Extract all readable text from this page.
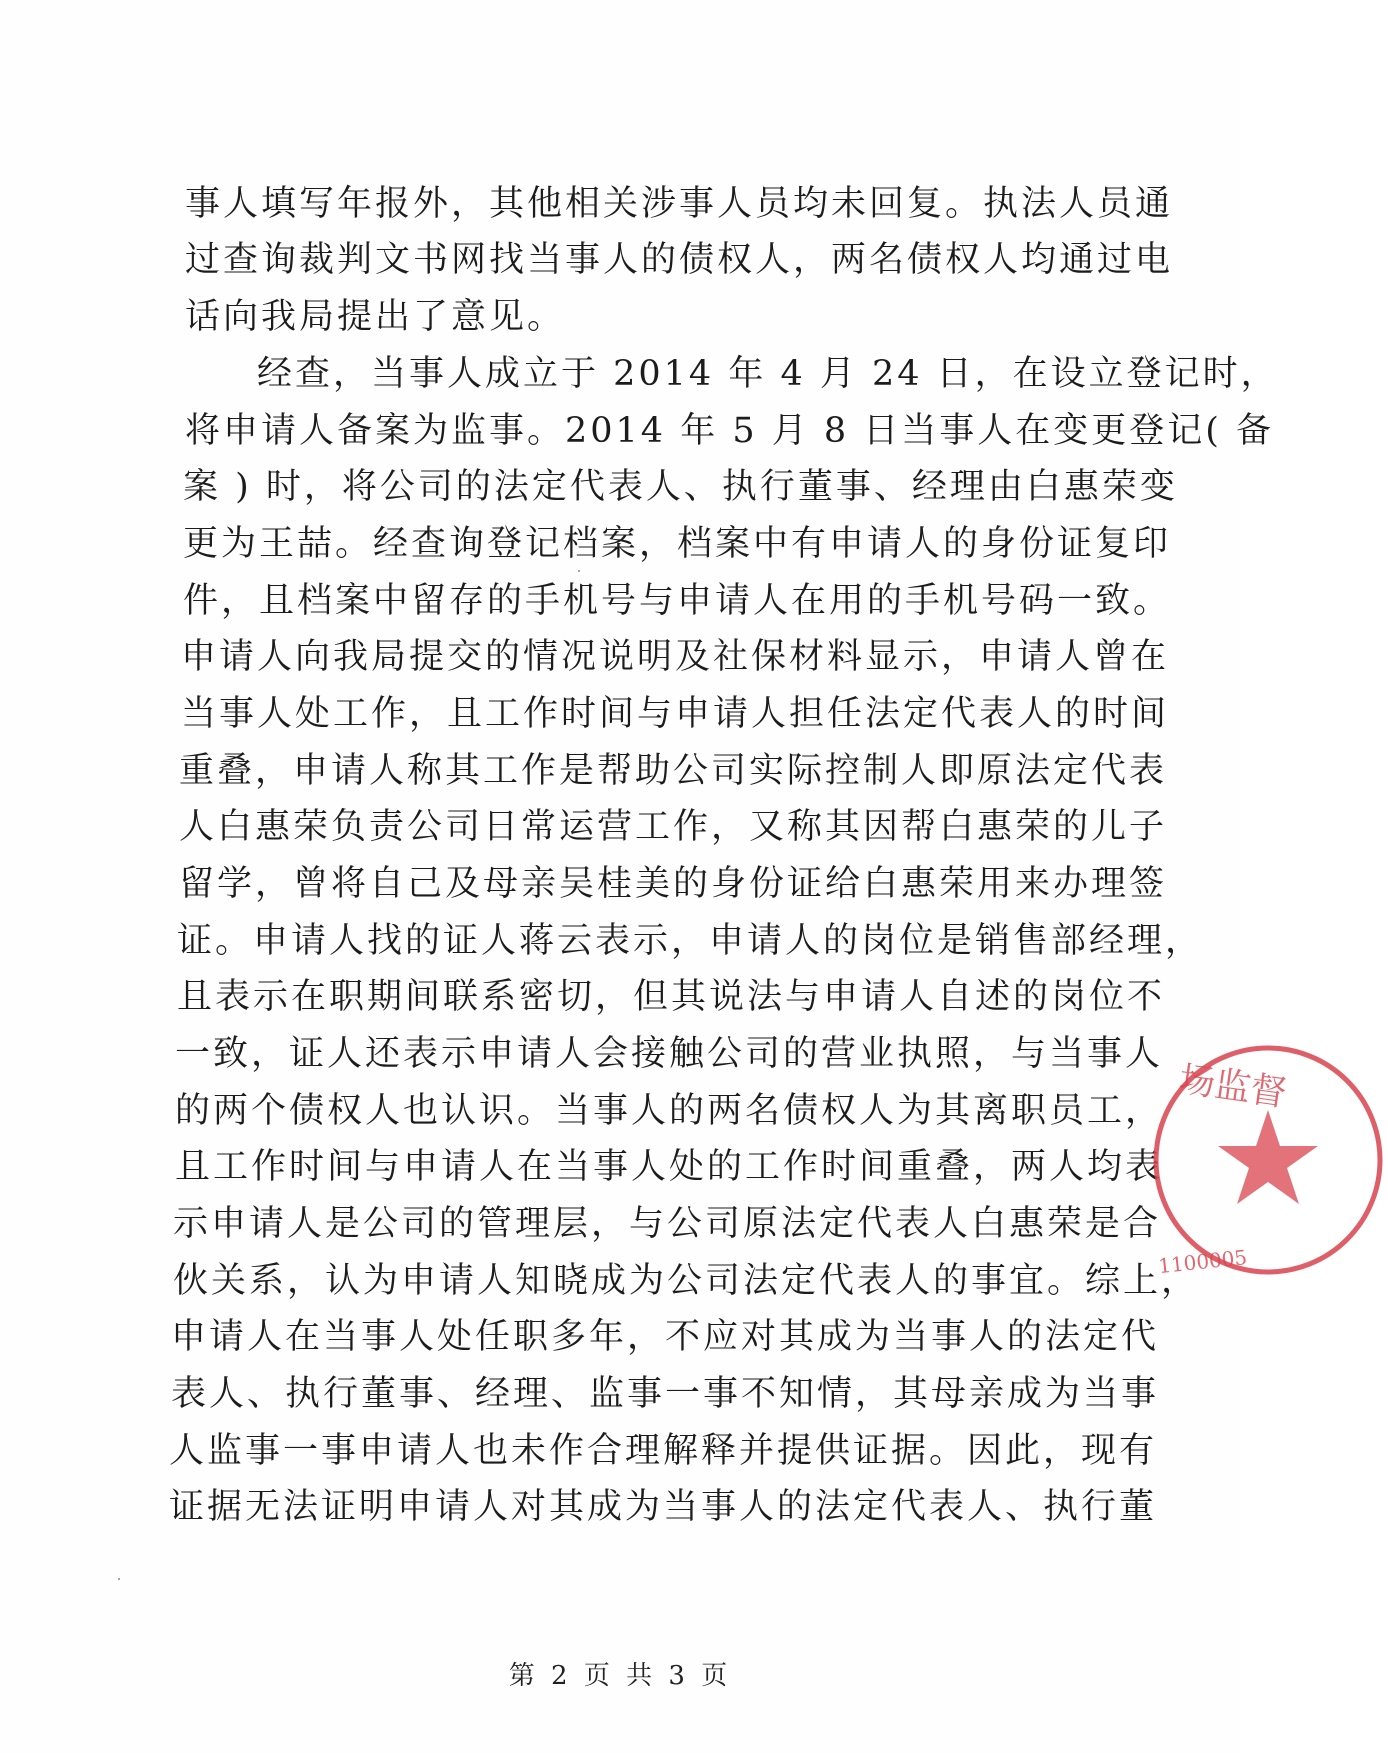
事人填写年报外，其他相关涉事人员均未回复。执法人员通
过查询裁判文书网找当事人的债权人，两名债权人均通过电
话向我局提出了意见。
经查，当事人成立于 2014 年 4 月 24 日，在设立登记时，
将申请人备案为监事。2014 年 5 月 8 日当事人在变更登记( 备
案 ) 时，将公司的法定代表人、执行董事、经理由白惠荣变
更为王喆。经查询登记档案，档案中有申请人的身份证复印
件，且档案中留存的手机号与申请人在用的手机号码一致。
申请人向我局提交的情况说明及社保材料显示，申请人曾在
当事人处工作，且工作时间与申请人担任法定代表人的时间
重叠，申请人称其工作是帮助公司实际控制人即原法定代表
人白惠荣负责公司日常运营工作，又称其因帮白惠荣的儿子
留学，曾将自己及母亲吴桂美的身份证给白惠荣用来办理签
证。申请人找的证人蒋云表示，申请人的岗位是销售部经理，
且表示在职期间联系密切，但其说法与申请人自述的岗位不
一致，证人还表示申请人会接触公司的营业执照，与当事人
的两个债权人也认识。当事人的两名债权人为其离职员工，
且工作时间与申请人在当事人处的工作时间重叠，两人均表
示申请人是公司的管理层，与公司原法定代表人白惠荣是合
伙关系，认为申请人知晓成为公司法定代表人的事宜。综上，
申请人在当事人处任职多年，不应对其成为当事人的法定代
表人、执行董事、经理、监事一事不知情，其母亲成为当事
人监事一事申请人也未作合理解释并提供证据。因此，现有
证据无法证明申请人对其成为当事人的法定代表人、执行董
第 2 页 共 3 页
场监督
1100005
